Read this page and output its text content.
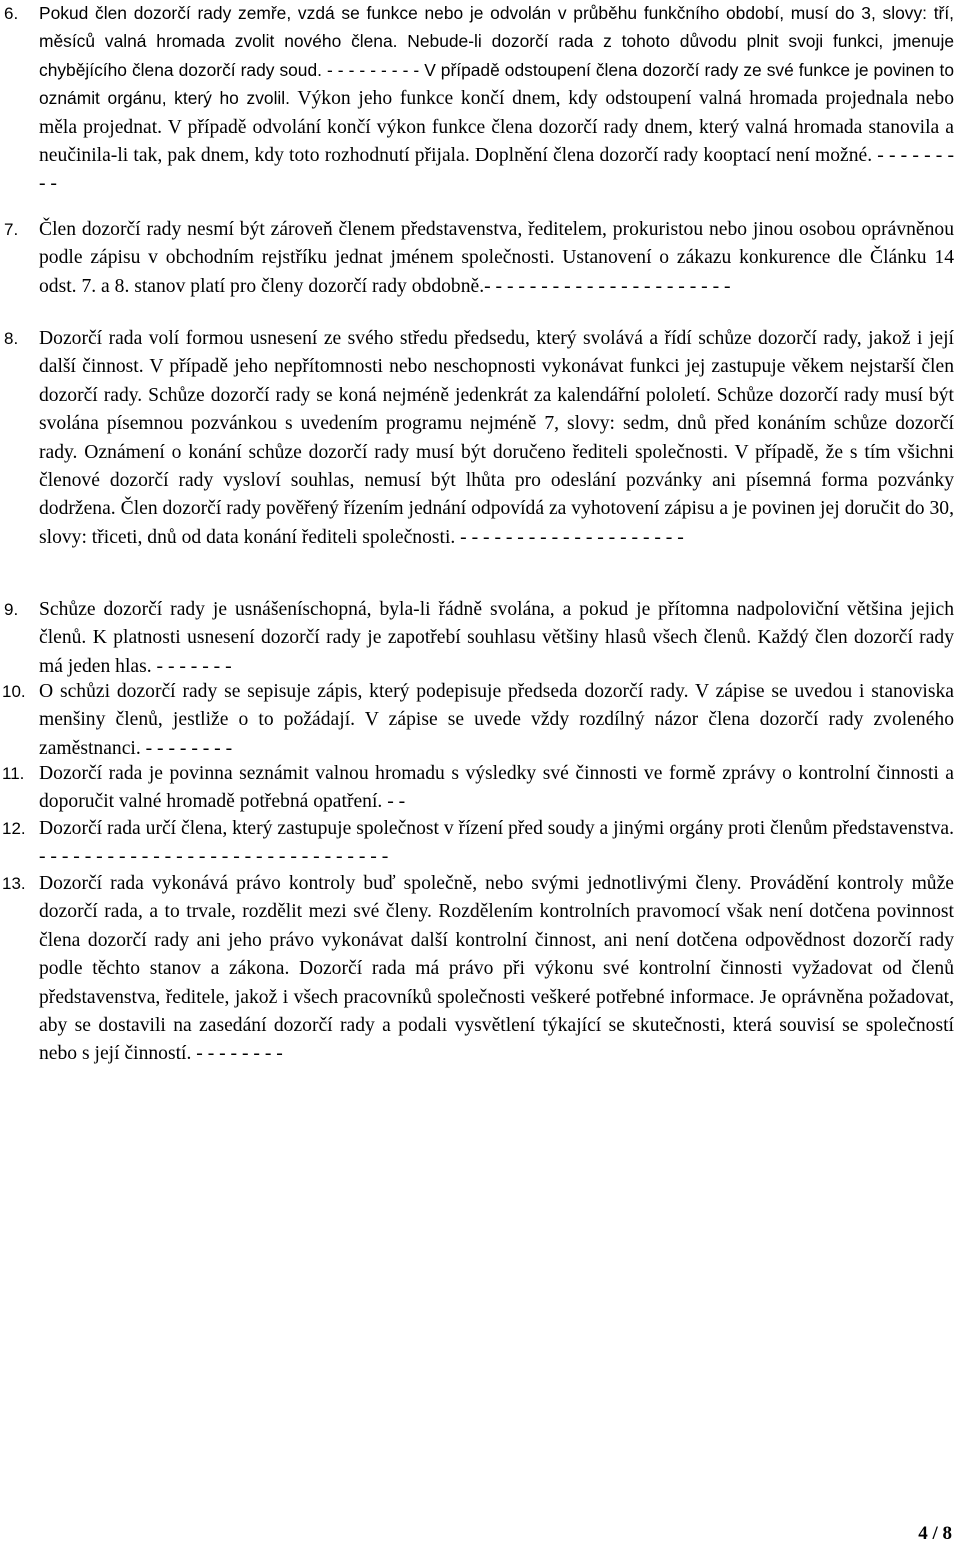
6. Pokud člen dozorčí rady zemře, vzdá se funkce nebo je odvolán v průběhu funkčního období, musí do 3, slovy: tří, měsíců valná hromada zvolit nového člena. Nebude-li dozorčí rada z tohoto důvodu plnit svoji funkci, jmenuje chybějícího člena dozorčí rady soud. - - - - - - - - - V případě odstoupení člena dozorčí rady ze své funkce je povinen to oznámit orgánu, který ho zvolil. Výkon jeho funkce končí dnem, kdy odstoupení valná hromada projednala nebo měla projednat. V případě odvolání končí výkon funkce člena dozorčí rady dnem, který valná hromada stanovila a neučinila-li tak, pak dnem, kdy toto rozhodnutí přijala. Doplnění člena dozorčí rady kooptací není možné. - - - - - - - - -
7. Člen dozorčí rady nesmí být zároveň členem představenstva, ředitelem, prokuristou nebo jinou osobou oprávněnou podle zápisu v obchodním rejstříku jednat jménem společnosti. Ustanovení o zákazu konkurence dle Článku 14 odst. 7. a 8. stanov platí pro členy dozorčí rady obdobně.- - - - - - - - - - - - - - - - - - - - - -
8. Dozorčí rada volí formou usnesení ze svého středu předsedu, který svolává a řídí schůze dozorčí rady, jakož i její další činnost. V případě jeho nepřítomnosti nebo neschopnosti vykonávat funkci jej zastupuje věkem nejstarší člen dozorčí rady. Schůze dozorčí rady se koná nejméně jedenkrát za kalendářní pololetí. Schůze dozorčí rady musí být svolána písemnou pozvánkou s uvedením programu nejméně 7, slovy: sedm, dnů před konáním schůze dozorčí rady. Oznámení o konání schůze dozorčí rady musí být doručeno řediteli společnosti. V případě, že s tím všichni členové dozorčí rady vysloví souhlas, nemusí být lhůta pro odeslání pozvánky ani písemná forma pozvánky dodržena. Člen dozorčí rady pověřený řízením jednání odpovídá za vyhotovení zápisu a je povinen jej doručit do 30, slovy: třiceti, dnů od data konání řediteli společnosti. - - - - - - - - - - - - - - - - - - - -
9. Schůze dozorčí rady je usnášeníschopná, byla-li řádně svolána, a pokud je přítomna nadpoloviční většina jejich členů. K platnosti usnesení dozorčí rady je zapotřebí souhlasu většiny hlasů všech členů. Každý člen dozorčí rady má jeden hlas. - - - - - - -
10. O schůzi dozorčí rady se sepisuje zápis, který podepisuje předseda dozorčí rady. V zápise se uvedou i stanoviska menšiny členů, jestliže o to požádají. V zápise se uvede vždy rozdílný názor člena dozorčí rady zvoleného zaměstnanci. - - - - - - - -
11. Dozorčí rada je povinna seznámit valnou hromadu s výsledky své činnosti ve formě zprávy o kontrolní činnosti a doporučit valné hromadě potřebná opatření. - -
12. Dozorčí rada určí člena, který zastupuje společnost v řízení před soudy a jinými orgány proti členům představenstva. - - - - - - - - - - - - - - - - - - - - - - - - - - - - - - -
13. Dozorčí rada vykonává právo kontroly buď společně, nebo svými jednotlivými členy. Provádění kontroly může dozorčí rada, a to trvale, rozdělit mezi své členy. Rozdělením kontrolních pravomocí však není dotčena povinnost člena dozorčí rady ani jeho právo vykonávat další kontrolní činnost, ani není dotčena odpovědnost dozorčí rady podle těchto stanov a zákona. Dozorčí rada má právo při výkonu své kontrolní činnosti vyžadovat od členů představenstva, ředitele, jakož i všech pracovníků společnosti veškeré potřebné informace. Je oprávněna požadovat, aby se dostavili na zasedání dozorčí rady a podali vysvětlení týkající se skutečnosti, která souvisí se společností nebo s její činností. - - - - - - - -
4 / 8
